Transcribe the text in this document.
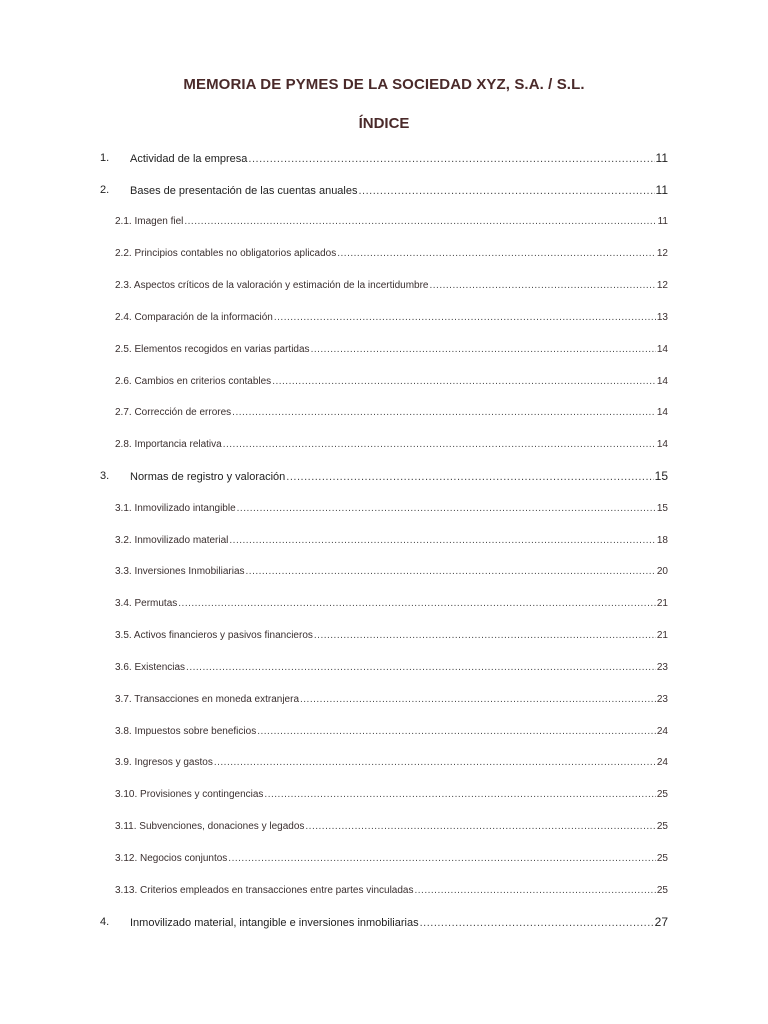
MEMORIA DE PYMES DE LA SOCIEDAD XYZ, S.A. / S.L.
ÍNDICE
1. Actividad de la empresa .....	11
2. Bases de presentación de las cuentas anuales .....	11
2.1. Imagen fiel .....	11
2.2. Principios contables no obligatorios aplicados .....	12
2.3. Aspectos críticos de la valoración y estimación de la incertidumbre .....	12
2.4. Comparación de la información .....	13
2.5. Elementos recogidos en varias partidas .....	14
2.6. Cambios en criterios contables .....	14
2.7. Corrección de errores .....	14
2.8. Importancia relativa .....	14
3. Normas de registro y valoración .....	15
3.1. Inmovilizado intangible .....	15
3.2. Inmovilizado material .....	18
3.3. Inversiones Inmobiliarias .....	20
3.4. Permutas .....	21
3.5. Activos financieros y pasivos financieros .....	21
3.6. Existencias .....	23
3.7. Transacciones en moneda extranjera .....	23
3.8. Impuestos sobre beneficios .....	24
3.9. Ingresos y gastos .....	24
3.10. Provisiones y contingencias .....	25
3.11. Subvenciones, donaciones y legados .....	25
3.12. Negocios conjuntos .....	25
3.13. Criterios empleados en transacciones entre partes vinculadas .....	25
4. Inmovilizado material, intangible e inversiones inmobiliarias .....	27
